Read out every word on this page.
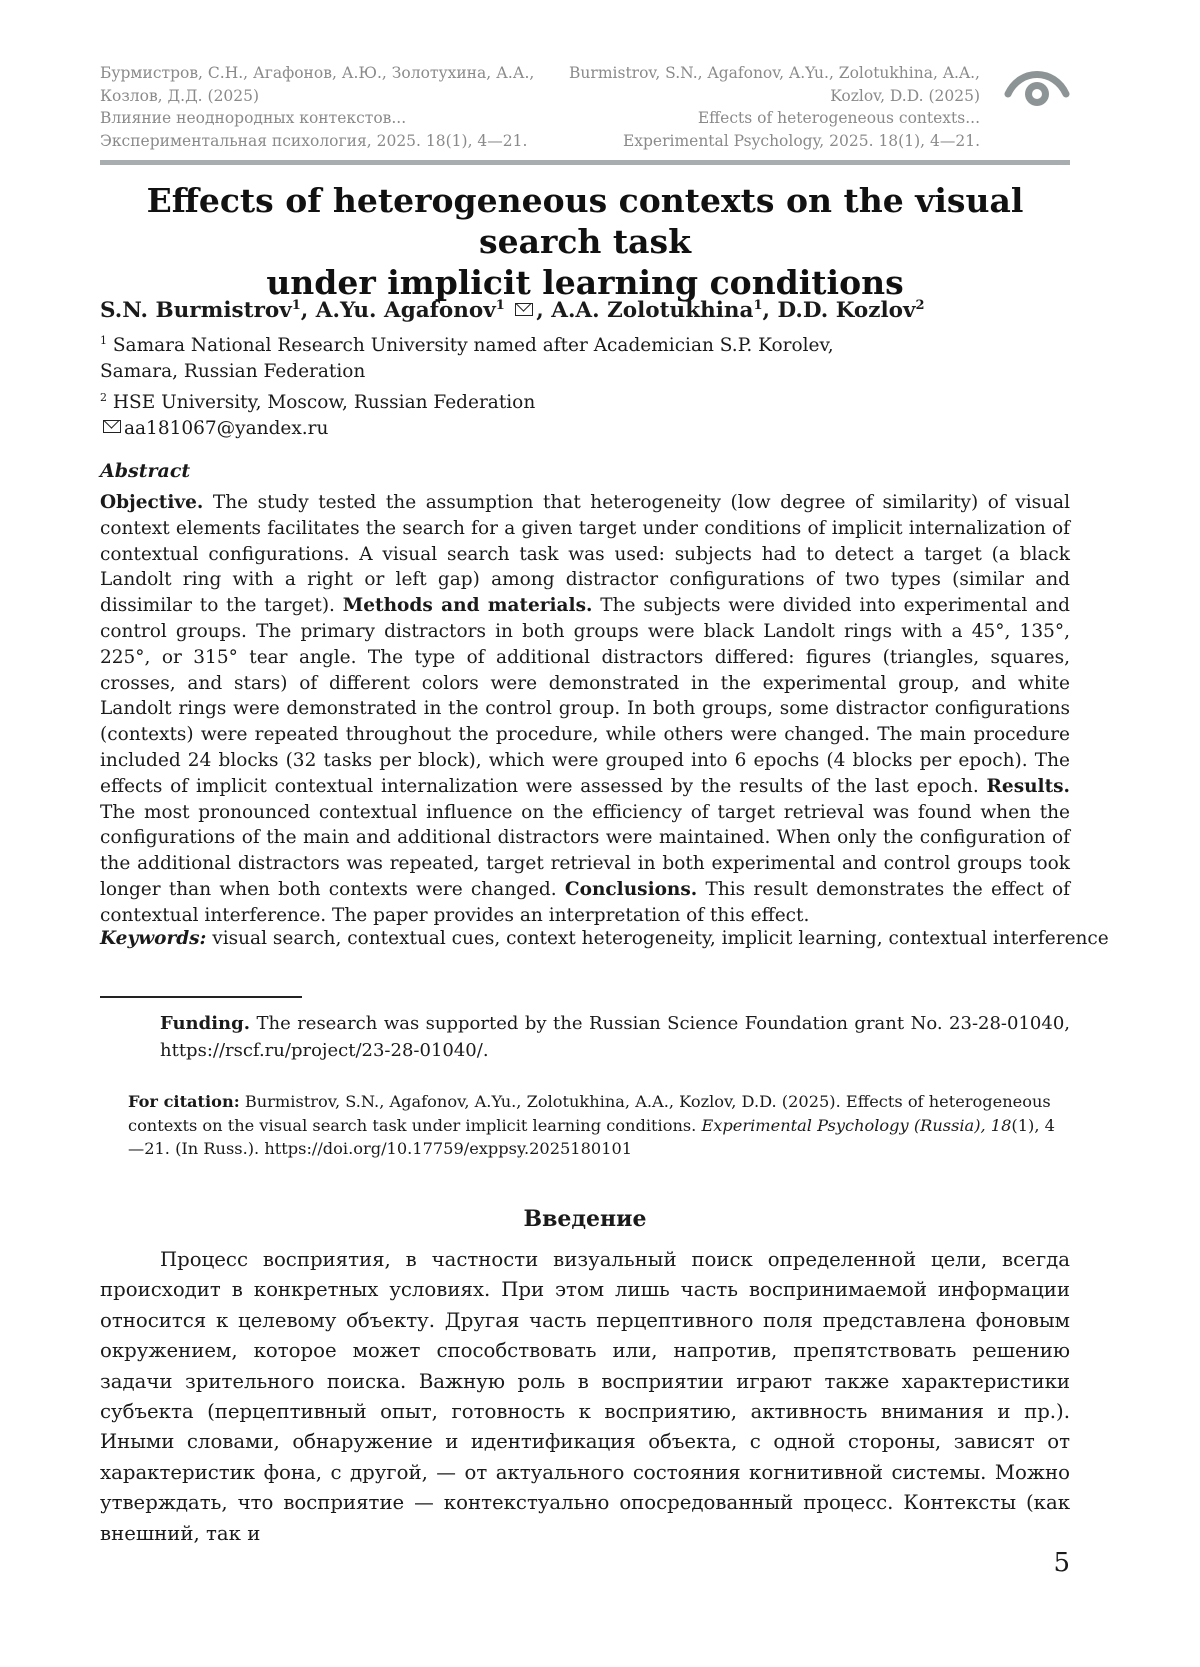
Бурмистров, С.Н., Агафонов, А.Ю., Золотухина, А.А.,
Козлов, Д.Д. (2025)
Влияние неоднородных контекстов...
Экспериментальная психология, 2025. 18(1), 4—21.
Burmistrov, S.N., Agafonov, A.Yu., Zolotukhina, A.A.,
Kozlov, D.D. (2025)
Effects of heterogeneous contexts...
Experimental Psychology, 2025. 18(1), 4—21.
Effects of heterogeneous contexts on the visual search task
under implicit learning conditions
S.N. Burmistrov$^1$, A.Yu. Agafonov$^1$ , A.A. Zolotukhina$^1$, D.D. Kozlov$^2$
$^1$ Samara National Research University named after Academician S.P. Korolev,
Samara, Russian Federation
$^2$ HSE University, Moscow, Russian Federation
aa181067@yandex.ru
Abstract

Objective. The study tested the assumption that heterogeneity (low degree of similarity) of visual context elements facilitates the search for a given target under conditions of implicit internalization of contextual configurations. A visual search task was used: subjects had to detect a target (a black Landolt ring with a right or left gap) among distractor configurations of two types (similar and dissimilar to the target). Methods and materials. The subjects were divided into experimental and control groups. The primary distractors in both groups were black Landolt rings with a 45°, 135°, 225°, or 315° tear angle. The type of additional distractors differed: figures (triangles, squares, crosses, and stars) of different colors were demonstrated in the experimental group, and white Landolt rings were demonstrated in the control group. In both groups, some distractor configurations (contexts) were repeated throughout the procedure, while others were changed. The main procedure included 24 blocks (32 tasks per block), which were grouped into 6 epochs (4 blocks per epoch). The effects of implicit contextual internalization were assessed by the results of the last epoch. Results. The most pronounced contextual influence on the efficiency of target retrieval was found when the configurations of the main and additional distractors were maintained. When only the configuration of the additional distractors was repeated, target retrieval in both experimental and control groups took longer than when both contexts were changed. Conclusions. This result demonstrates the effect of contextual interference. The paper provides an interpretation of this effect.

Keywords: visual search, contextual cues, context heterogeneity, implicit learning, contextual interference

Funding. The research was supported by the Russian Science Foundation grant No. 23-28-01040, https://rscf.ru/project/23-28-01040/.

For citation: Burmistrov, S.N., Agafonov, A.Yu., Zolotukhina, A.A., Kozlov, D.D. (2025). Effects of heterogeneous contexts on the visual search task under implicit learning conditions. Experimental Psychology (Russia), 18(1), 4—21. (In Russ.). https://doi.org/10.17759/exppsy.2025180101

Введение

Процесс восприятия, в частности визуальный поиск определенной цели, всегда происходит в конкретных условиях. При этом лишь часть воспринимаемой информации относится к целевому объекту. Другая часть перцептивного поля представлена фоновым окружением, которое может способствовать или, напротив, препятствовать решению задачи зрительного поиска. Важную роль в восприятии играют также характеристики субъекта (перцептивный опыт, готовность к восприятию, активность внимания и пр.). Иными словами, обнаружение и идентификация объекта, с одной стороны, зависят от характеристик фона, с другой, — от актуального состояния когнитивной системы. Можно утверждать, что восприятие — контекстуально опосредованный процесс. Контексты (как внешний, так и

5
